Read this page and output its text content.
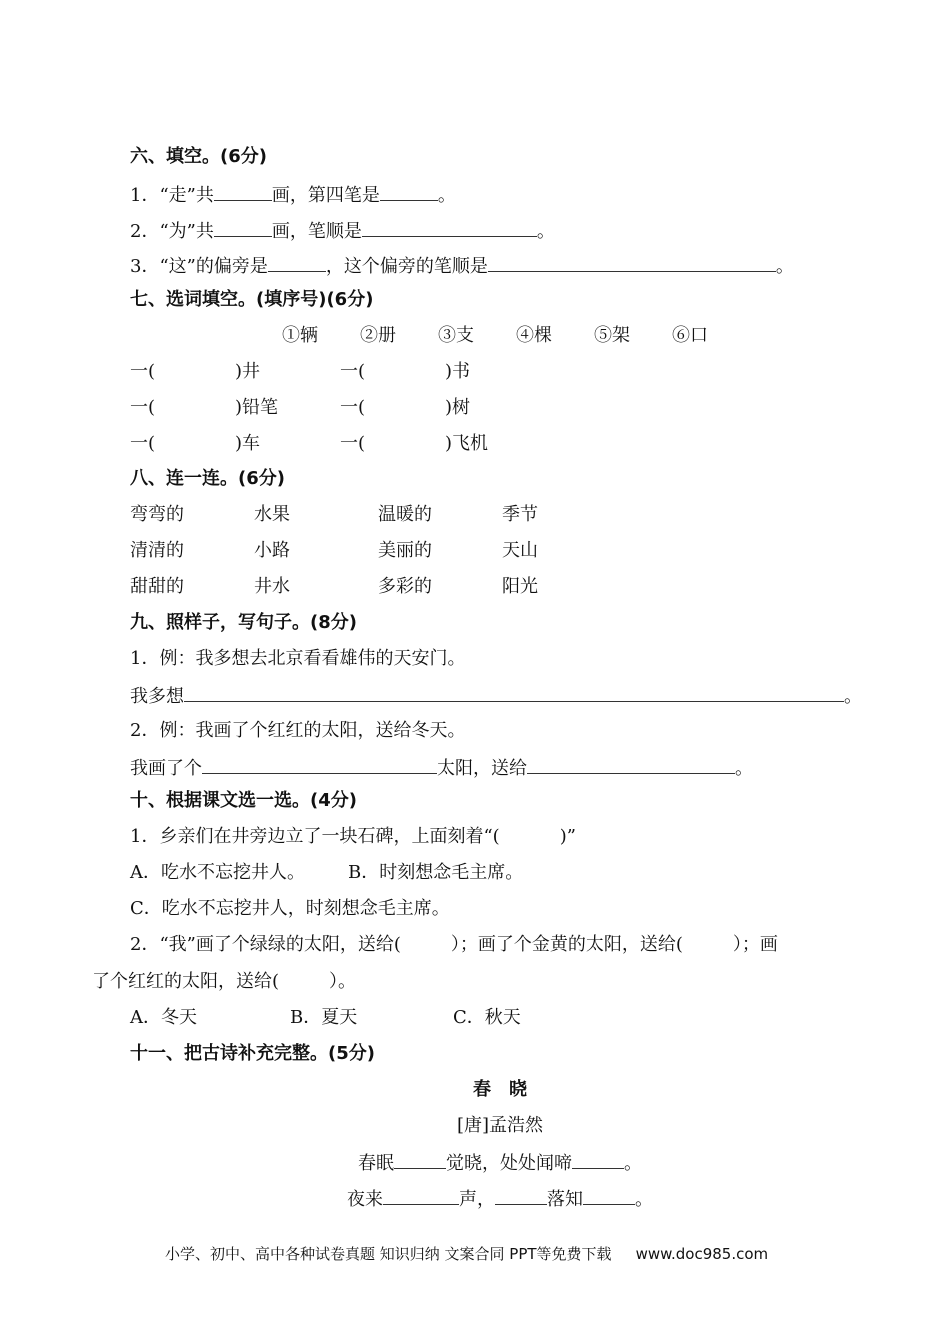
六、填空。(6分)
1．“走”共	画，第四笔是	。
2．“为”共	画，笔顺是	。
3．“这”的偏旁是	，这个偏旁的笔顺是	。
七、选词填空。(填序号)(6分)
①辆 ②册 ③支 ④棵 ⑤架 ⑥口
一(	)井	一(	)书
一(	)铅笔	一(	)树
一(	)车	一(	)飞机
八、连一连。(6分)
弯弯的	水果	温暖的	季节
清清的	小路	美丽的	天山
甜甜的	井水	多彩的	阳光
九、照样子，写句子。(8分)
1．例：我多想去北京看看雄伟的天安门。
我多想	。
2．例：我画了个红红的太阳，送给冬天。
我画了个	太阳，送给	。
十、根据课文选一选。(4分)
1．乡亲们在井旁边立了一块石碑，上面刻着“(	)”
A．吃水不忘挖井人。 B．时刻想念毛主席。
C．吃水不忘挖井人，时刻想念毛主席。
2．“我”画了个绿绿的太阳，送给(	）；画了个金黄的太阳，送给(	）；画
了个红红的太阳，送给(	）。
A．冬天	B．夏天	C．秋天
十一、把古诗补充完整。(5分)
春　晓
[唐]孟浩然
春眠	觉晓，处处闻啼	。
夜来	声，	落知	。
小学、初中、高中各种试卷真题 知识归纳 文案合同 PPT等免费下载 www.doc985.com
